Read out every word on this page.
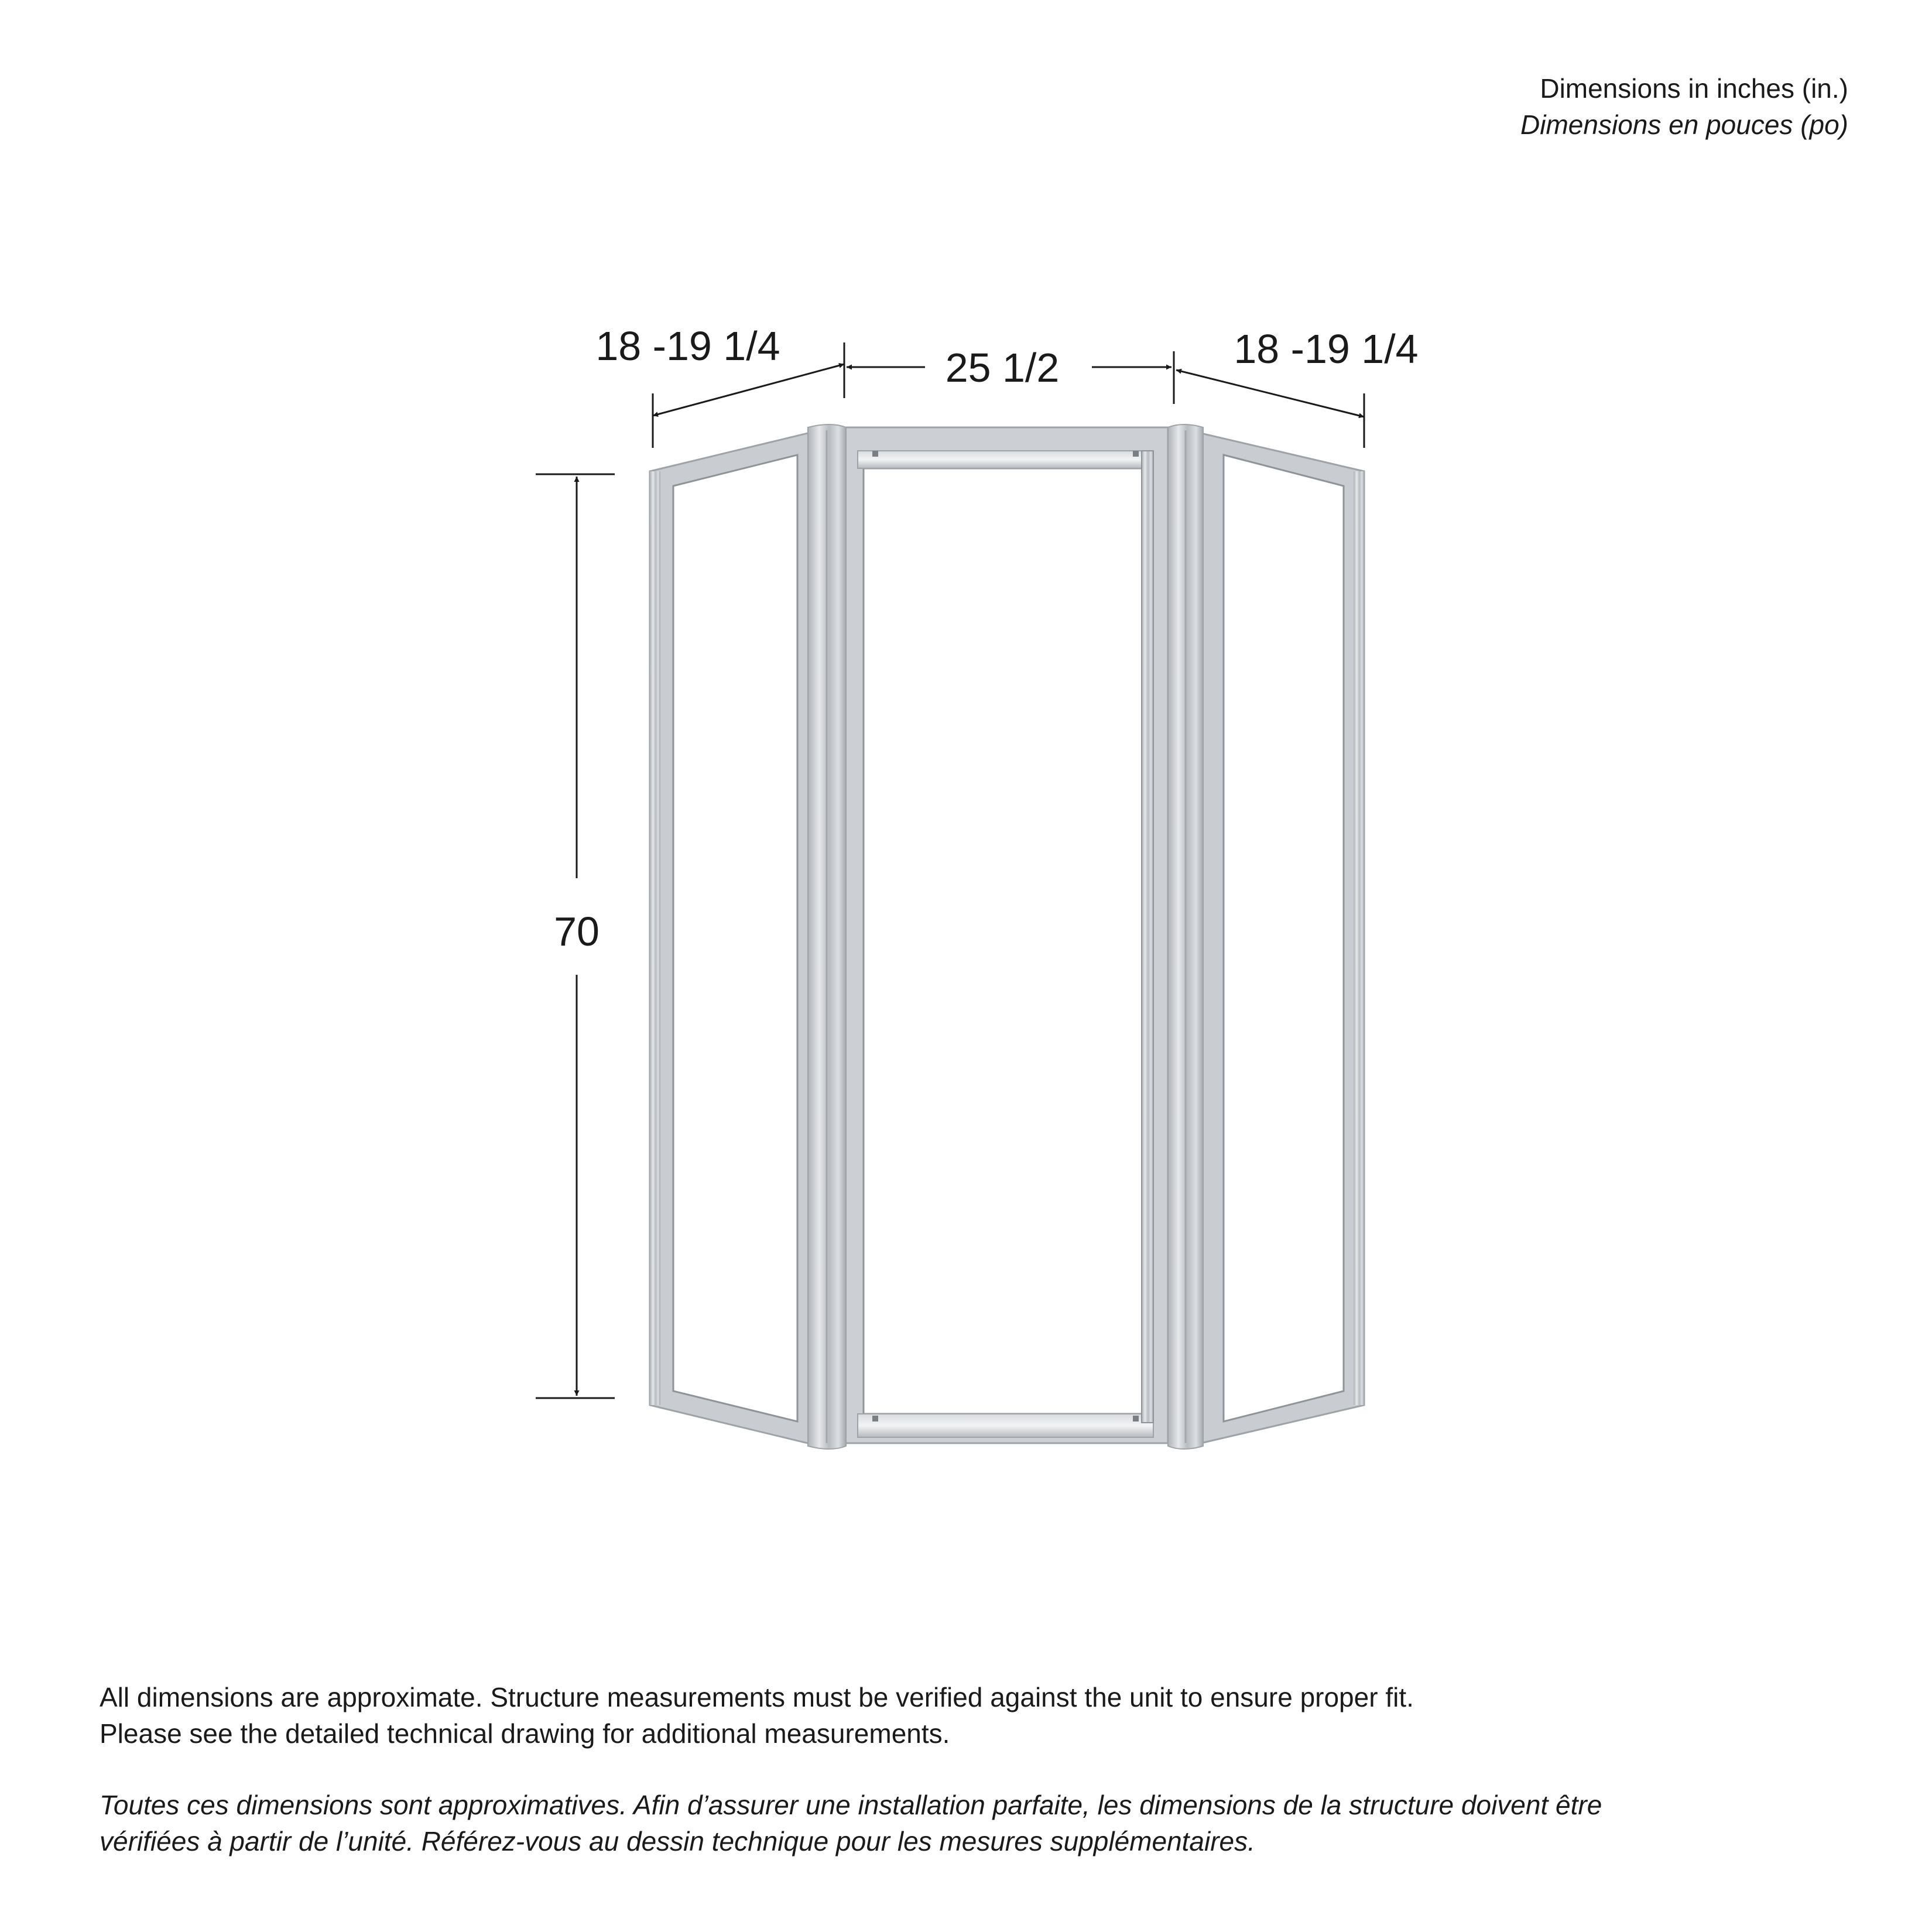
Dimensions in inches (in.)
Dimensions en pouces (po)
18 -19 1/4	25 1/2	18 -19 1/4
70

All dimensions are approximate. Structure measurements must be verified against the unit to ensure proper fit.

Please see the detailed technical drawing for additional measurements.

Toutes ces dimensions sont approximatives. Afin d’assurer une installation parfaite, les dimensions de la structure doivent être

vérifiées à partir de l’unité. Référez-vous au dessin technique pour les mesures supplémentaires.
